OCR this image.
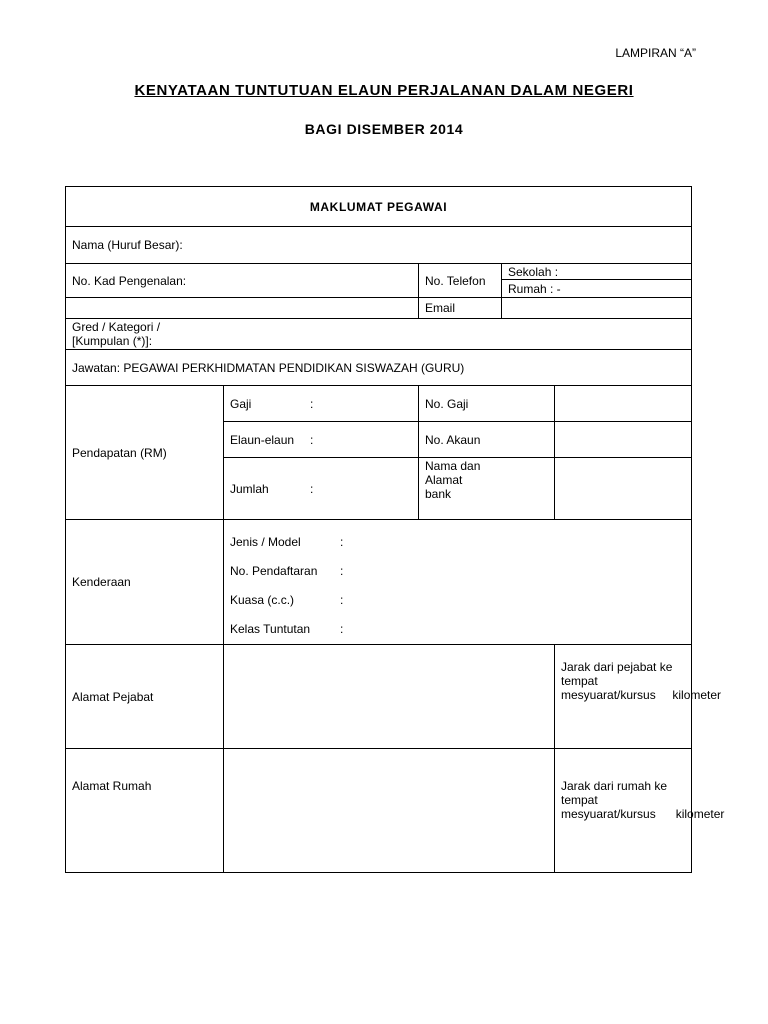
LAMPIRAN “A”
KENYATAAN TUNTUTUAN ELAUN PERJALANAN DALAM NEGERI
BAGI DISEMBER 2014
MAKLUMAT PEGAWAI				
Nama (Huruf Besar):				
No. Kad Pengenalan:		No. Telefon	Sekolah :	
			Rumah : -	
		Email		

Gred / Kategori /
[Kumpulan (*)]:				

Jawatan: PEGAWAI PERKHIDMATAN PENDIDIKAN SISWAZAH (GURU)				
Pendapatan (RM)	Gaji :	No. Gaji		
	Elaun-elaun :	No. Akaun		
	Jumlah :	Nama dan
Alamat
bank		

Kenderaan	Jenis / Model :
No. Pendaftaran :
Kuasa (c.c.) :
Kelas Tuntutan :			

Alamat Pejabat				Jarak dari pejabat ke tempat
mesyuarat/kursus kilometer

Alamat Rumah				Jarak dari rumah ke tempat
mesyuarat/kursus kilometer
